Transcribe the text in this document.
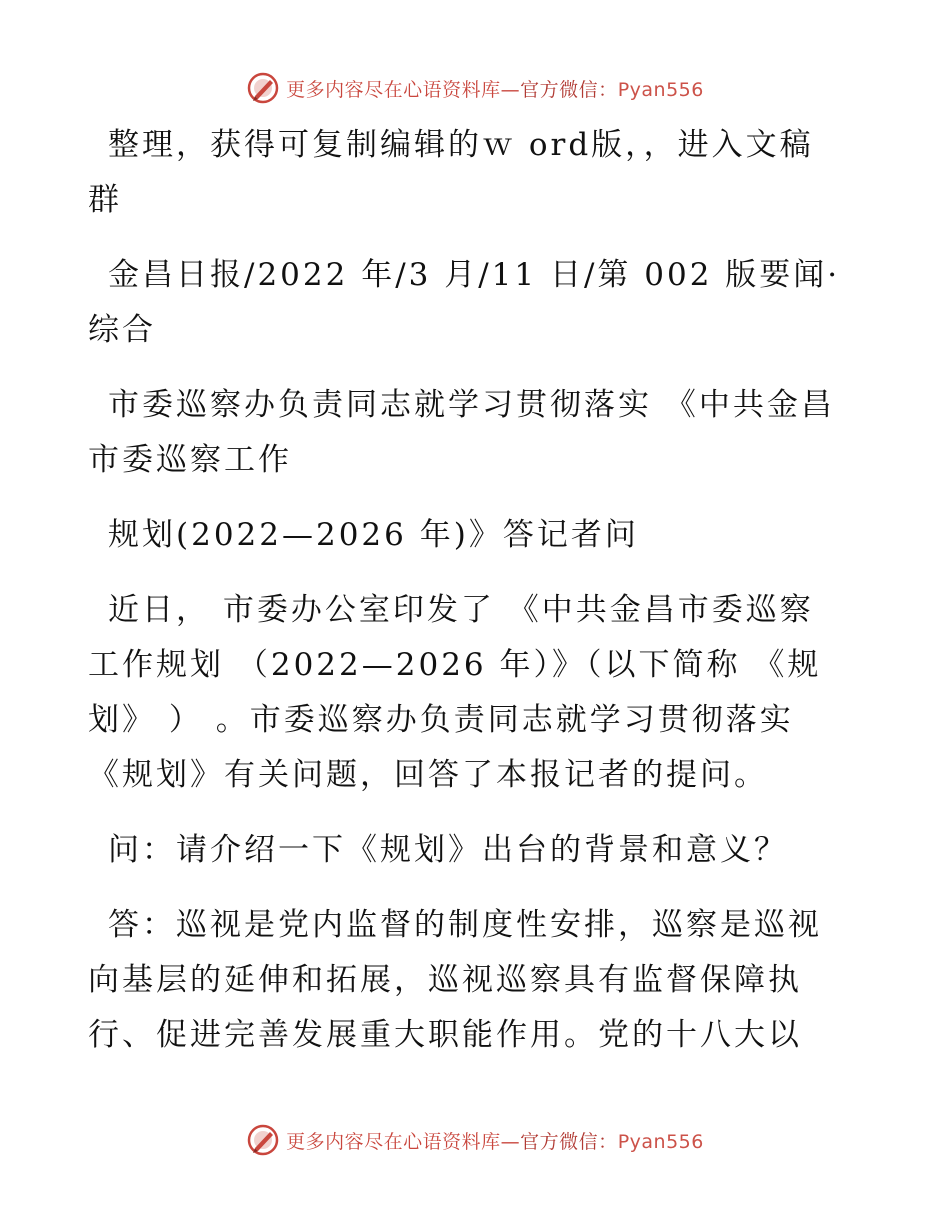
更多内容尽在心语资料库—官方微信：Pyan556

整理，获得可复制编辑的ｗ ord版，，进入文稿
群

金昌日报/2022 年/3 月/11 日/第 002 版要闻·
综合

市委巡察办负责同志就学习贯彻落实 《中共金昌
市委巡察工作

规划(2022—2026 年)》答记者问

近日， 市委办公室印发了 《中共金昌市委巡察
工作规划 （2022—2026 年）》（以下简称 《规
划》 ） 。市委巡察办负责同志就学习贯彻落实
《规划》有关问题，回答了本报记者的提问。

问：请介绍一下《规划》出台的背景和意义？

答：巡视是党内监督的制度性安排，巡察是巡视
向基层的延伸和拓展，巡视巡察具有监督保障执
行、促进完善发展重大职能作用。党的十八大以

更多内容尽在心语资料库—官方微信：Pyan556
